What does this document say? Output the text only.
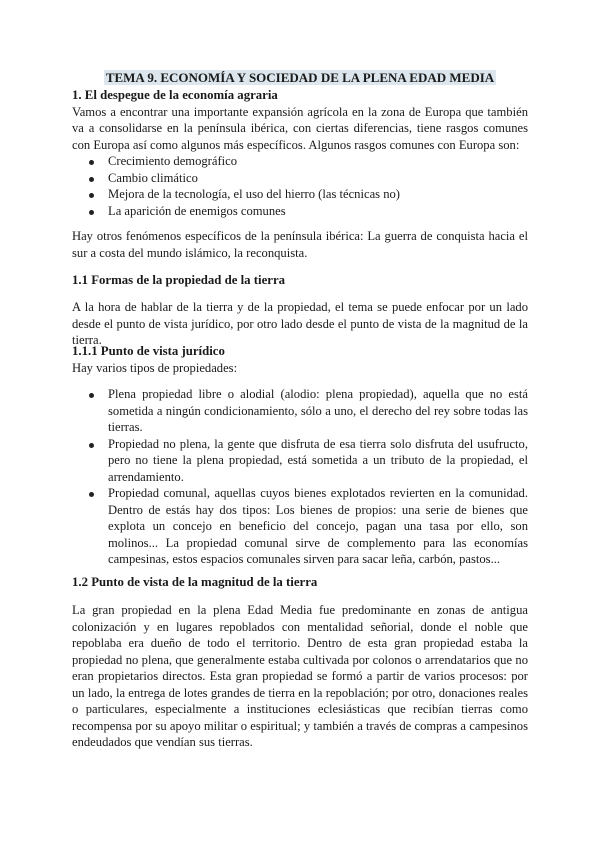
TEMA 9. ECONOMÍA Y SOCIEDAD DE LA PLENA EDAD MEDIA
1. El despegue de la economía agraria

Vamos a encontrar una importante expansión agrícola en la zona de Europa que también va a consolidarse en la península ibérica, con ciertas diferencias, tiene rasgos comunes con Europa así como algunos más específicos. Algunos rasgos comunes con Europa son:

Crecimiento demográfico
Cambio climático
Mejora de la tecnología, el uso del hierro (las técnicas no)
La aparición de enemigos comunes

Hay otros fenómenos específicos de la península ibérica: La guerra de conquista hacia el sur a costa del mundo islámico, la reconquista.

1.1 Formas de la propiedad de la tierra

A la hora de hablar de la tierra y de la propiedad, el tema se puede enfocar por un lado desde el punto de vista jurídico, por otro lado desde el punto de vista de la magnitud de la tierra.

1.1.1 Punto de vista jurídico

Hay varios tipos de propiedades:

Plena propiedad libre o alodial (alodio: plena propiedad), aquella que no está sometida a ningún condicionamiento, sólo a uno, el derecho del rey sobre todas las tierras.
Propiedad no plena, la gente que disfruta de esa tierra solo disfruta del usufructo, pero no tiene la plena propiedad, está sometida a un tributo de la propiedad, el arrendamiento.
Propiedad comunal, aquellas cuyos bienes explotados revierten en la comunidad. Dentro de estás hay dos tipos: Los bienes de propios: una serie de bienes que explota un concejo en beneficio del concejo, pagan una tasa por ello, son molinos... La propiedad comunal sirve de complemento para las economías campesinas, estos espacios comunales sirven para sacar leña, carbón, pastos...
1.2 Punto de vista de la magnitud de la tierra

La gran propiedad en la plena Edad Media fue predominante en zonas de antigua colonización y en lugares repoblados con mentalidad señorial, donde el noble que repoblaba era dueño de todo el territorio. Dentro de esta gran propiedad estaba la propiedad no plena, que generalmente estaba cultivada por colonos o arrendatarios que no eran propietarios directos. Esta gran propiedad se formó a partir de varios procesos: por un lado, la entrega de lotes grandes de tierra en la repoblación; por otro, donaciones reales o particulares, especialmente a instituciones eclesiásticas que recibían tierras como recompensa por su apoyo militar o espiritual; y también a través de compras a campesinos endeudados que vendían sus tierras.
